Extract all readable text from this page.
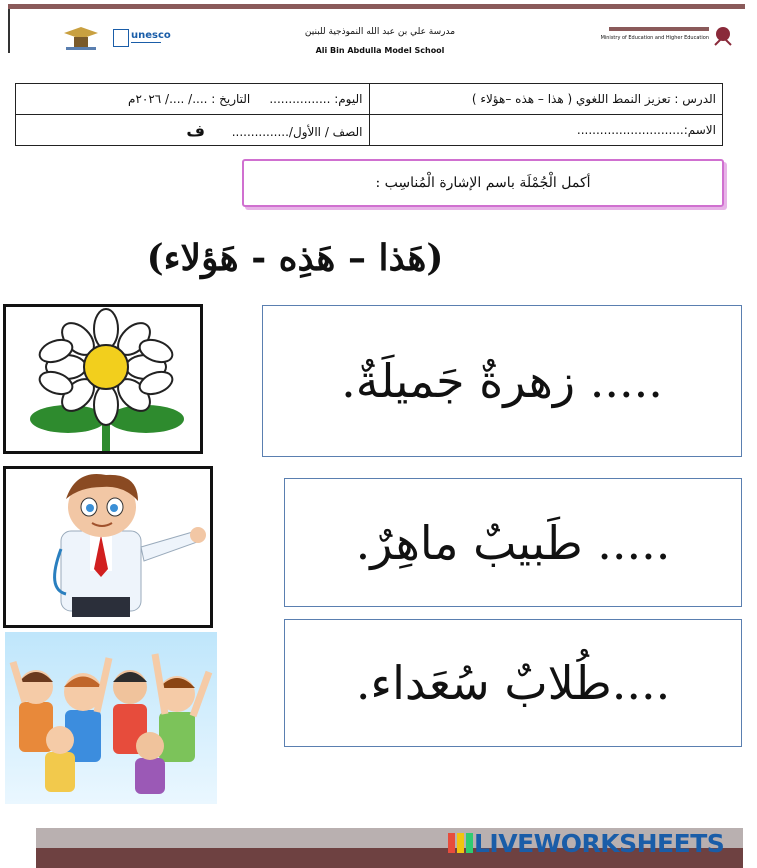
unesco	مدرسة علي بن عبد الله النموذجية للبنين
Ali Bin Abdulla Model School
Ministry of Education and Higher Education
الدرس : تعزيز النمط اللغوي ( هذا – هذه –هؤلاء )	اليوم: ................     التاريخ : ..../ ..../ ٢٠٢٦م
الاسم:............................	الصف / االأول/...............       ف
أكمل الْجُمْلَة باسم الإشارة الْمُناسِب :
(هَذا – هَذِه - هَؤلاء)
..... زهرةٌ جَميلَةٌ.
..... طَبيبٌ ماهِرٌ.
....طُلابٌ سُعَداء.
LIVEWORKSHEETS
